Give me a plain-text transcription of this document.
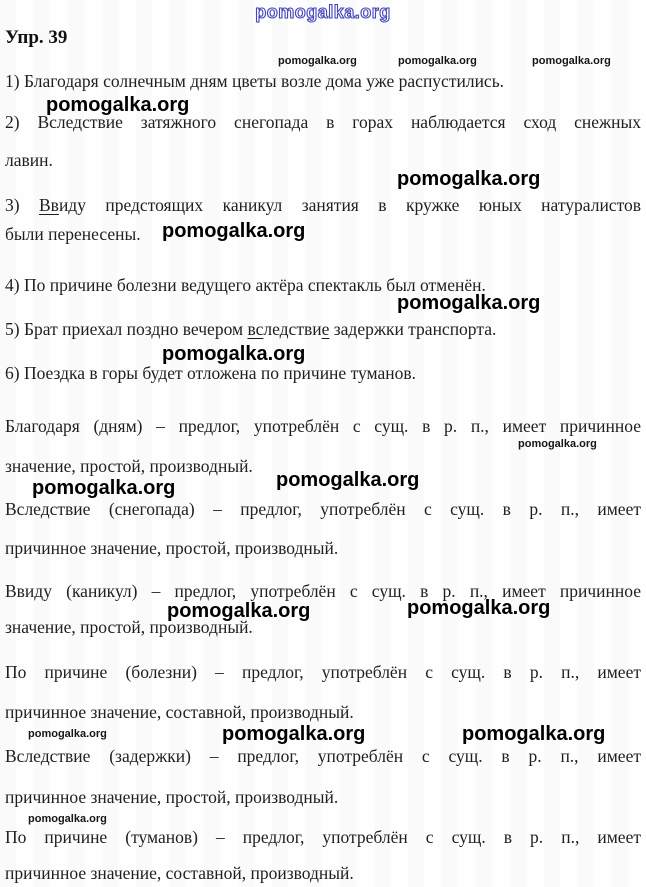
pomogalka.org
Упр. 39
pomogalka.org	pomogalka.org	pomogalka.org
1) Благодаря солнечным дням цветы возле дома уже распустились.
pomogalka.org
2) Вследствие затяжного снегопада в горах наблюдается сход снежных
лавин.
pomogalka.org
3) Ввиду предстоящих каникул занятия в кружке юных натуралистов
были перенесены.	pomogalka.org
4) По причине болезни ведущего актёра спектакль был отменён.
pomogalka.org
5) Брат приехал поздно вечером вследствие задержки транспорта.
pomogalka.org
6) Поездка в горы будет отложена по причине туманов.
Благодаря (дням) – предлог, употреблён с сущ. в р. п., имеет причинное
pomogalka.org
значение, простой, производный.
pomogalka.org
pomogalka.org
Вследствие (снегопада) – предлог, употреблён с сущ. в р. п., имеет
причинное значение, простой, производный.
Ввиду (каникул) – предлог, употреблён с сущ. в р. п., имеет причинное
pomogalka.org
pomogalka.org
значение, простой, производный.
По причине (болезни) – предлог, употреблён с сущ. в р. п., имеет
причинное значение, составной, производный.
pomogalka.org	pomogalka.org	pomogalka.org
Вследствие (задержки) – предлог, употреблён с сущ. в р. п., имеет
причинное значение, простой, производный.
pomogalka.org
По причине (туманов) – предлог, употреблён с сущ. в р. п., имеет
причинное значение, составной, производный.
